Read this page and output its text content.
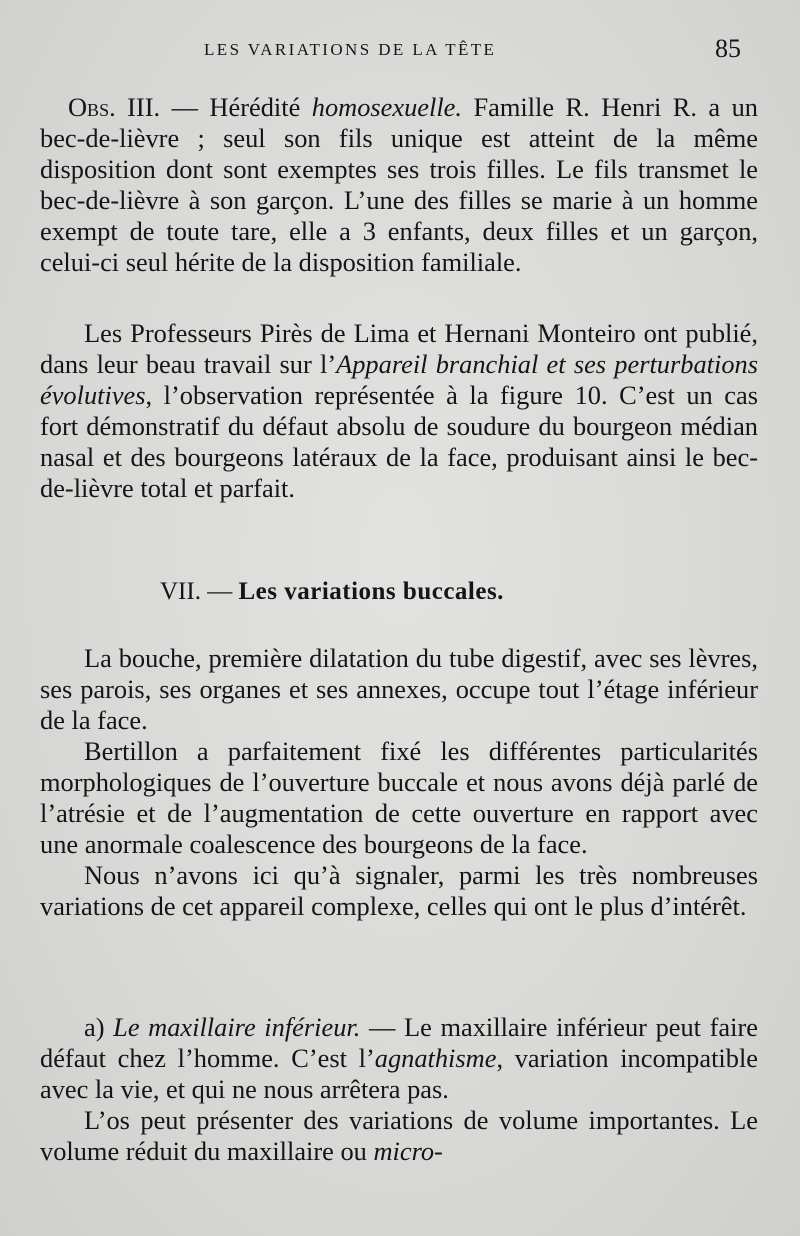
LES VARIATIONS DE LA TÊTE	85

Obs. III. — Hérédité homosexuelle. Famille R. Henri R. a un bec-de-lièvre ; seul son fils unique est atteint de la même disposition dont sont exemptes ses trois filles. Le fils transmet le bec-de-lièvre à son garçon. L’une des filles se marie à un homme exempt de toute tare, elle a 3 enfants, deux filles et un garçon, celui-ci seul hérite de la disposition familiale.

Les Professeurs Pirès de Lima et Hernani Monteiro ont publié, dans leur beau travail sur l’Appareil branchial et ses perturbations évolutives, l’observation représentée à la figure 10. C’est un cas fort démonstratif du défaut absolu de soudure du bourgeon médian nasal et des bourgeons latéraux de la face, produisant ainsi le bec-de-lièvre total et parfait.

VII. — Les variations buccales.

La bouche, première dilatation du tube digestif, avec ses lèvres, ses parois, ses organes et ses annexes, occupe tout l’étage inférieur de la face.

Bertillon a parfaitement fixé les différentes particularités morphologiques de l’ouverture buccale et nous avons déjà parlé de l’atrésie et de l’augmentation de cette ouverture en rapport avec une anormale coalescence des bourgeons de la face.

Nous n’avons ici qu’à signaler, parmi les très nombreuses variations de cet appareil complexe, celles qui ont le plus d’intérêt.

a) Le maxillaire inférieur. — Le maxillaire inférieur peut faire défaut chez l’homme. C’est l’agnathisme, variation incompatible avec la vie, et qui ne nous arrêtera pas.

L’os peut présenter des variations de volume importantes. Le volume réduit du maxillaire ou micro-
